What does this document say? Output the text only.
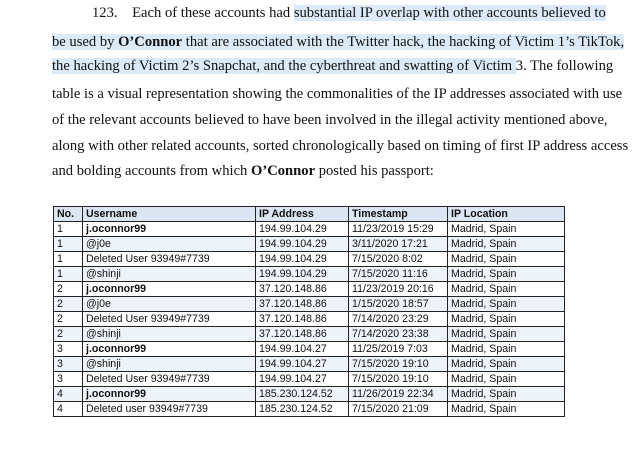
123. Each of these accounts had substantial IP overlap with other accounts believed to
be used by O’Connor that are associated with the Twitter hack, the hacking of Victim 1’s TikTok,
the hacking of Victim 2’s Snapchat, and the cyberthreat and swatting of Victim 3. The following
table is a visual representation showing the commonalities of the IP addresses associated with use
of the relevant accounts believed to have been involved in the illegal activity mentioned above,
along with other related accounts, sorted chronologically based on timing of first IP address access
and bolding accounts from which O’Connor posted his passport:
No.	Username	IP Address	Timestamp	IP Location
1	j.oconnor99	194.99.104.29	11/23/2019 15:29	Madrid, Spain
1	@j0e	194.99.104.29	3/11/2020 17:21	Madrid, Spain
1	Deleted User 93949#7739	194.99.104.29	7/15/2020 8:02	Madrid, Spain
1	@shinji	194.99.104.29	7/15/2020 11:16	Madrid, Spain
2	j.oconnor99	37.120.148.86	11/23/2019 20:16	Madrid, Spain
2	@j0e	37.120.148.86	1/15/2020 18:57	Madrid, Spain
2	Deleted User 93949#7739	37.120.148.86	7/14/2020 23:29	Madrid, Spain
2	@shinji	37.120.148.86	7/14/2020 23:38	Madrid, Spain
3	j.oconnor99	194.99.104.27	11/25/2019 7:03	Madrid, Spain
3	@shinji	194.99.104.27	7/15/2020 19:10	Madrid, Spain
3	Deleted User 93949#7739	194.99.104.27	7/15/2020 19:10	Madrid, Spain
4	j.oconnor99	185.230.124.52	11/26/2019 22:34	Madrid, Spain
4	Deleted user 93949#7739	185.230.124.52	7/15/2020 21:09	Madrid, Spain
